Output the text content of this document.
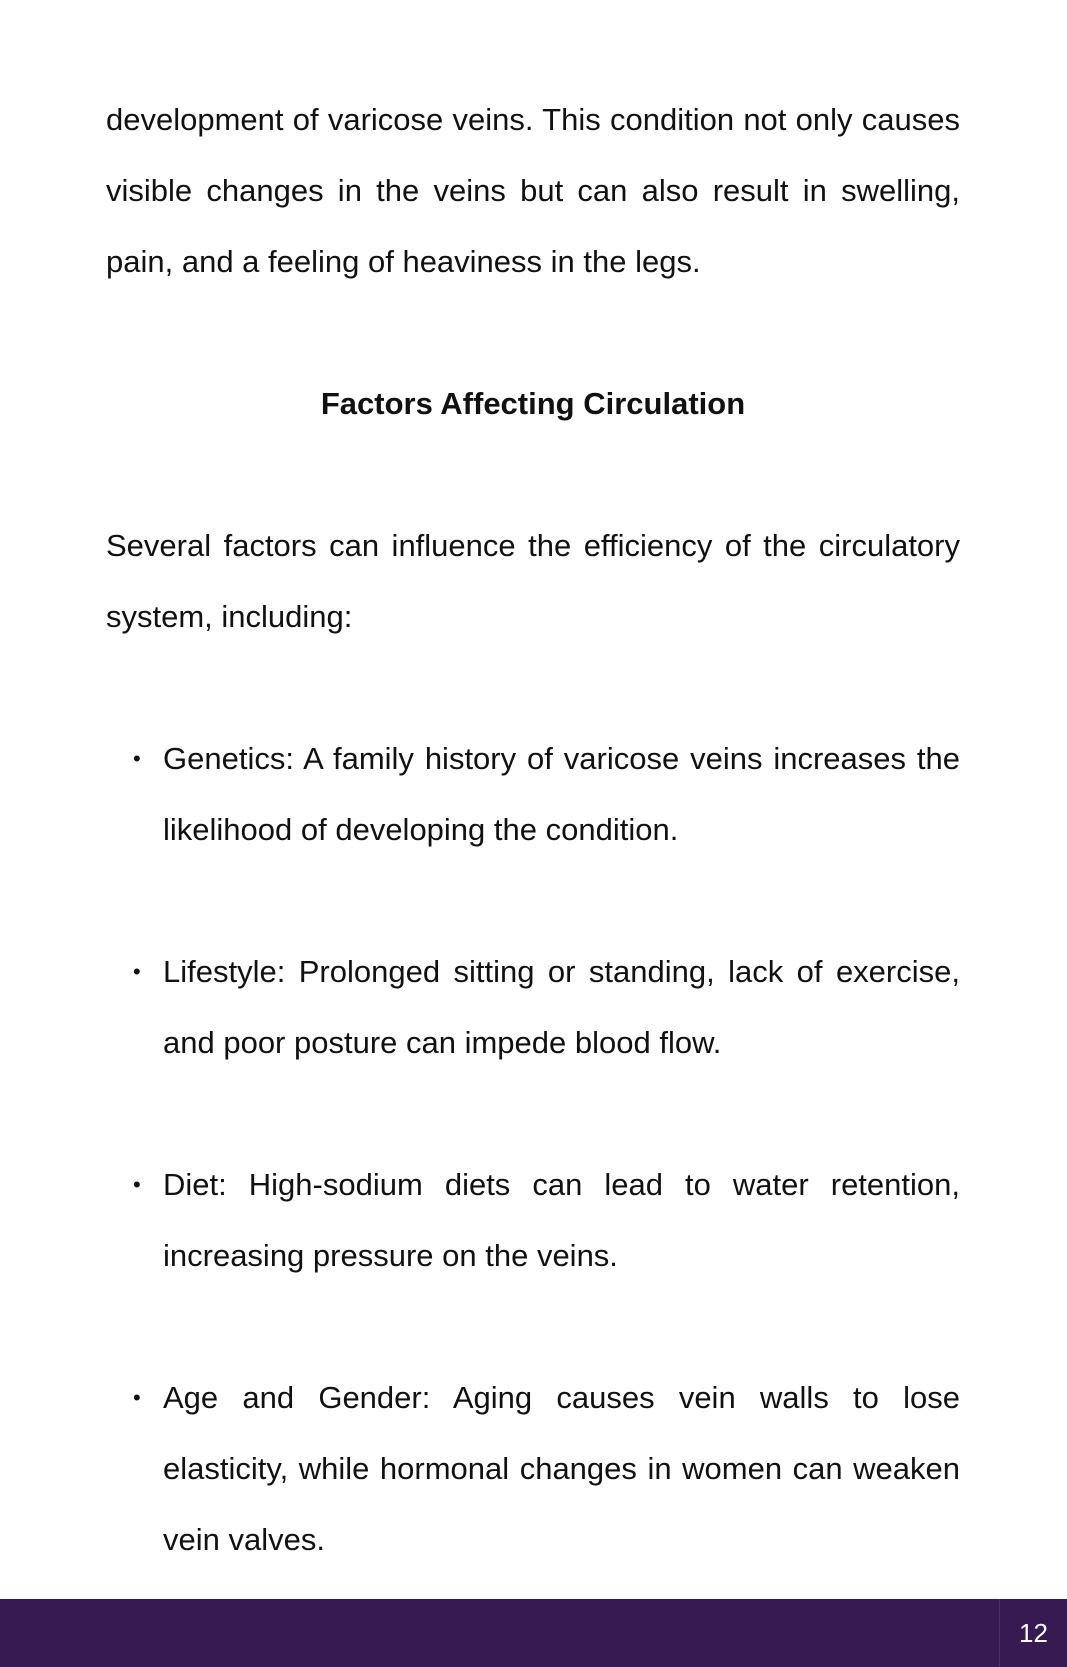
development of varicose veins. This condition not only causes visible changes in the veins but can also result in swelling, pain, and a feeling of heaviness in the legs.

Factors Affecting Circulation

Several factors can influence the efficiency of the circulatory system, including:

• Genetics: A family history of varicose veins increases the likelihood of developing the condition.
• Lifestyle: Prolonged sitting or standing, lack of exercise, and poor posture can impede blood flow.
• Diet: High-sodium diets can lead to water retention, increasing pressure on the veins.
• Age and Gender: Aging causes vein walls to lose elasticity, while hormonal changes in women can weaken vein valves.
12
